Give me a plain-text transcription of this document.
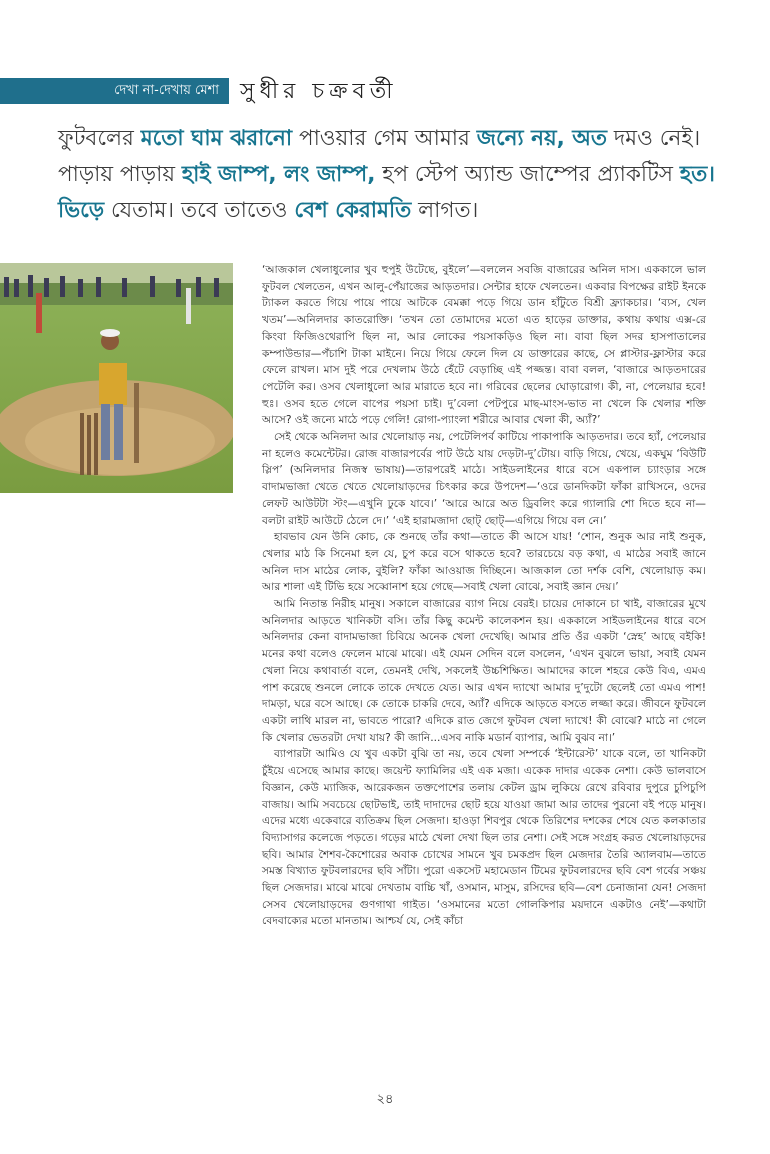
দেখা না-দেখায় মেশা সুধীর চক্রবর্তী
ফুটবলের মতো ঘাম ঝরানো পাওয়ার গেম আমার জন্যে নয়, অত দমও নেই। পাড়ায় পাড়ায় হাই জাম্প, লং জাম্প, হপ স্টেপ অ্যান্ড জাম্পের প্র্যাকটিস হত। ভিড়ে যেতাম। তবে তাতেও বেশ কেরামতি লাগত।

‘আজকাল খেলাধুলোর খুব হুপুই উটেছে, বুইলে’—বললেন সবজি বাজারের অনিল দাস। এককালে ভাল ফুটবল খেলতেন, এখন আলু-পেঁয়াজের আড়তদার। সেন্টার হাফে খেলতেন। একবার বিপক্ষের রাইট ইনকে ট্যাকল করতে গিয়ে পায়ে পায়ে আটকে বেমক্কা পড়ে গিয়ে ডান হাঁটুতে বিশ্রী ফ্র্যাকচার। ‘ব্যস, খেল খতম’—অনিলদার কাতরোক্তি। ‘তখন তো তোমাদের মতো এত হাড়ের ডাক্তার, কথায় কথায় এক্স-রে কিংবা ফিজিওথেরাপি ছিল না, আর লোকের পয়সাকড়িও ছিল না। বাবা ছিল সদর হাসপাতালের কম্পাউন্ডার—পঁচাশি টাকা মাইনে। নিয়ে গিয়ে ফেলে দিল যে ডাক্তারের কাছে, সে প্লাস্টার-ফ্লাস্টার করে ফেলে রাখল। মাস দুই পরে দেখলাম উঠে হেঁটে বেড়াচ্ছি এই পজ্জন্ত। বাবা বলল, ‘বাজারে আড়তদারের পেটেলি কর। ওসব খেলাধুলো আর মারাতে হবে না। গরিবের ছেলের ঘোড়ারোগ। কী, না, পেলেয়ার হবে! হুঃ। ওসব হতে গেলে বাপের পয়সা চাই। দু’বেলা পেটপুরে মাছ-মাংস-ভাত না খেলে কি খেলার শক্তি আসে? ওই জন্যে মাঠে পড়ে গেলি! রোগা-প্যাংলা শরীরে আবার খেলা কী, অ্যাঁ?’

সেই থেকে অনিলদা আর খেলোয়াড় নয়, পেটেলিপর্ব কাটিয়ে পাকাপাকি আড়তদার। তবে হ্যাঁ, পেলেয়ার না হলেও কমেন্টেটর। রোজ বাজারপর্বের পাট উঠে যায় দেড়টা-দু’টোয়। বাড়ি গিয়ে, খেয়ে, একঘুম ‘বিউটি স্লিপ’ (অনিলদার নিজস্ব ভাষায়)—তারপরেই মাঠে। সাইডলাইনের ধারে বসে একপাল চ্যাংড়ার সঙ্গে বাদামভাজা খেতে খেতে খেলোয়াড়দের চিৎকার করে উপদেশ—‘ওরে ডানদিকটা ফাঁকা রাখিসনে, ওদের লেফট আউটটা স্টং—এখুনি ঢুকে যাবে।’ ‘আরে আরে অত ড্রিবলিং করে গ্যালারি শো দিতে হবে না—বলটা রাইট আউটে ঠেলে দে।’ ‘এই হারামজাদা ছোট্ ছোট্—এগিয়ে গিয়ে বল নে।’

হাবভাব যেন উনি কোচ, কে শুনছে তাঁর কথা—তাতে কী আসে যায়! ‘শোন, শুনুক আর নাই শুনুক, খেলার মাঠ কি সিনেমা হল যে, চুপ করে বসে থাকতে হবে? তারচেয়ে বড় কথা, এ মাঠের সবাই জানে অনিল দাস মাঠের লোক, বুইলি? ফাঁকা আওয়াজ দিচ্ছিনে। আজকাল তো দর্শক বেশি, খেলোয়াড় কম। আর শালা এই টিভি হয়ে সব্বোনাশ হয়ে গেছে—সবাই খেলা বোঝে, সবাই জ্ঞান দেয়।’

আমি নিতান্ত নিরীহ মানুষ। সকালে বাজারের ব্যাগ নিয়ে বেরই। চায়ের দোকানে চা খাই, বাজারের মুখে অনিলদার আড়তে খানিকটা বসি। তাঁর কিছু কমেন্ট কালেকশন হয়। এককালে সাইডলাইনের ধারে বসে অনিলদার কেনা বাদামভাজা চিবিয়ে অনেক খেলা দেখেছি। আমার প্রতি ওঁর একটা ‘স্নেহ’ আছে বইকি! মনের কথা বলেও ফেলেন মাঝে মাঝে। এই যেমন সেদিন বলে বসলেন, ‘এখন বুঝলে ভায়া, সবাই যেমন খেলা নিয়ে কথাবার্তা বলে, তেমনই দেখি, সকলেই উচ্চশিক্ষিত। আমাদের কালে শহরে কেউ বিএ, এমএ পাশ করেছে শুনলে লোকে তাকে দেখতে যেত। আর এখন দ্যাখো আমার দু’দুটো ছেলেই তো এমএ পাশ! দামড়া, ঘরে বসে আছে। কে তোকে চাকরি দেবে, অ্যাঁ? এদিকে আড়তে বসতে লজ্জা করে। জীবনে ফুটবলে একটা লাথি মারল না, ভাবতে পারো? এদিকে রাত জেগে ফুটবল খেলা দ্যাখে! কী বোঝে? মাঠে না গেলে কি খেলার ভেতরটা দেখা যায়? কী জানি...এসব নাকি মডার্ন ব্যাপার, আমি বুঝব না।’

ব্যাপারটা আমিও যে খুব একটা বুঝি তা নয়, তবে খেলা সম্পর্কে ‘ইন্টারেস্ট’ যাকে বলে, তা খানিকটা চুঁইয়ে এসেছে আমার কাছে। জয়েন্ট ফ্যামিলির এই এক মজা। একেক দাদার একেক নেশা। কেউ ভালবাসে বিজ্ঞান, কেউ ম্যাজিক, আরেকজন তক্তপোশের তলায় কেটল ড্রাম লুকিয়ে রেখে রবিবার দুপুরে চুপিচুপি বাজায়। আমি সবচেয়ে ছোটভাই, তাই দাদাদের ছোট হয়ে যাওয়া জামা আর তাদের পুরনো বই পড়ে মানুষ। এদের মধ্যে একেবারে ব্যতিক্রম ছিল সেজদা। হাওড়া শিবপুর থেকে তিরিশের দশকের শেষে যেত কলকাতার বিদ্যাসাগর কলেজে পড়তে। গড়ের মাঠে খেলা দেখা ছিল তার নেশা। সেই সঙ্গে সংগ্রহ করত খেলোয়াড়দের ছবি। আমার শৈশব-কৈশোরের অবাক চোখের সামনে খুব চমকপ্রদ ছিল মেজদার তৈরি অ্যালবাম—তাতে সমস্ত বিখ্যাত ফুটবলারদের ছবি সাঁটা। পুরো একসেট মহামেডান টিমের ফুটবলারদের ছবি বেশ গর্বের সঞ্চয় ছিল সেজদার। মাঝে মাঝে দেখতাম বাচ্চি খাঁ, ওসমান, মাসুম, রসিদের ছবি—বেশ চেনাজানা যেন! সেজদা সেসব খেলোয়াড়দের গুণগাথা গাইত। ‘ওসমানের মতো গোলকিপার ময়দানে একটাও নেই’—কথাটা বেদবাক্যের মতো মানতাম। আশ্চর্য যে, সেই কাঁচা

২৪
